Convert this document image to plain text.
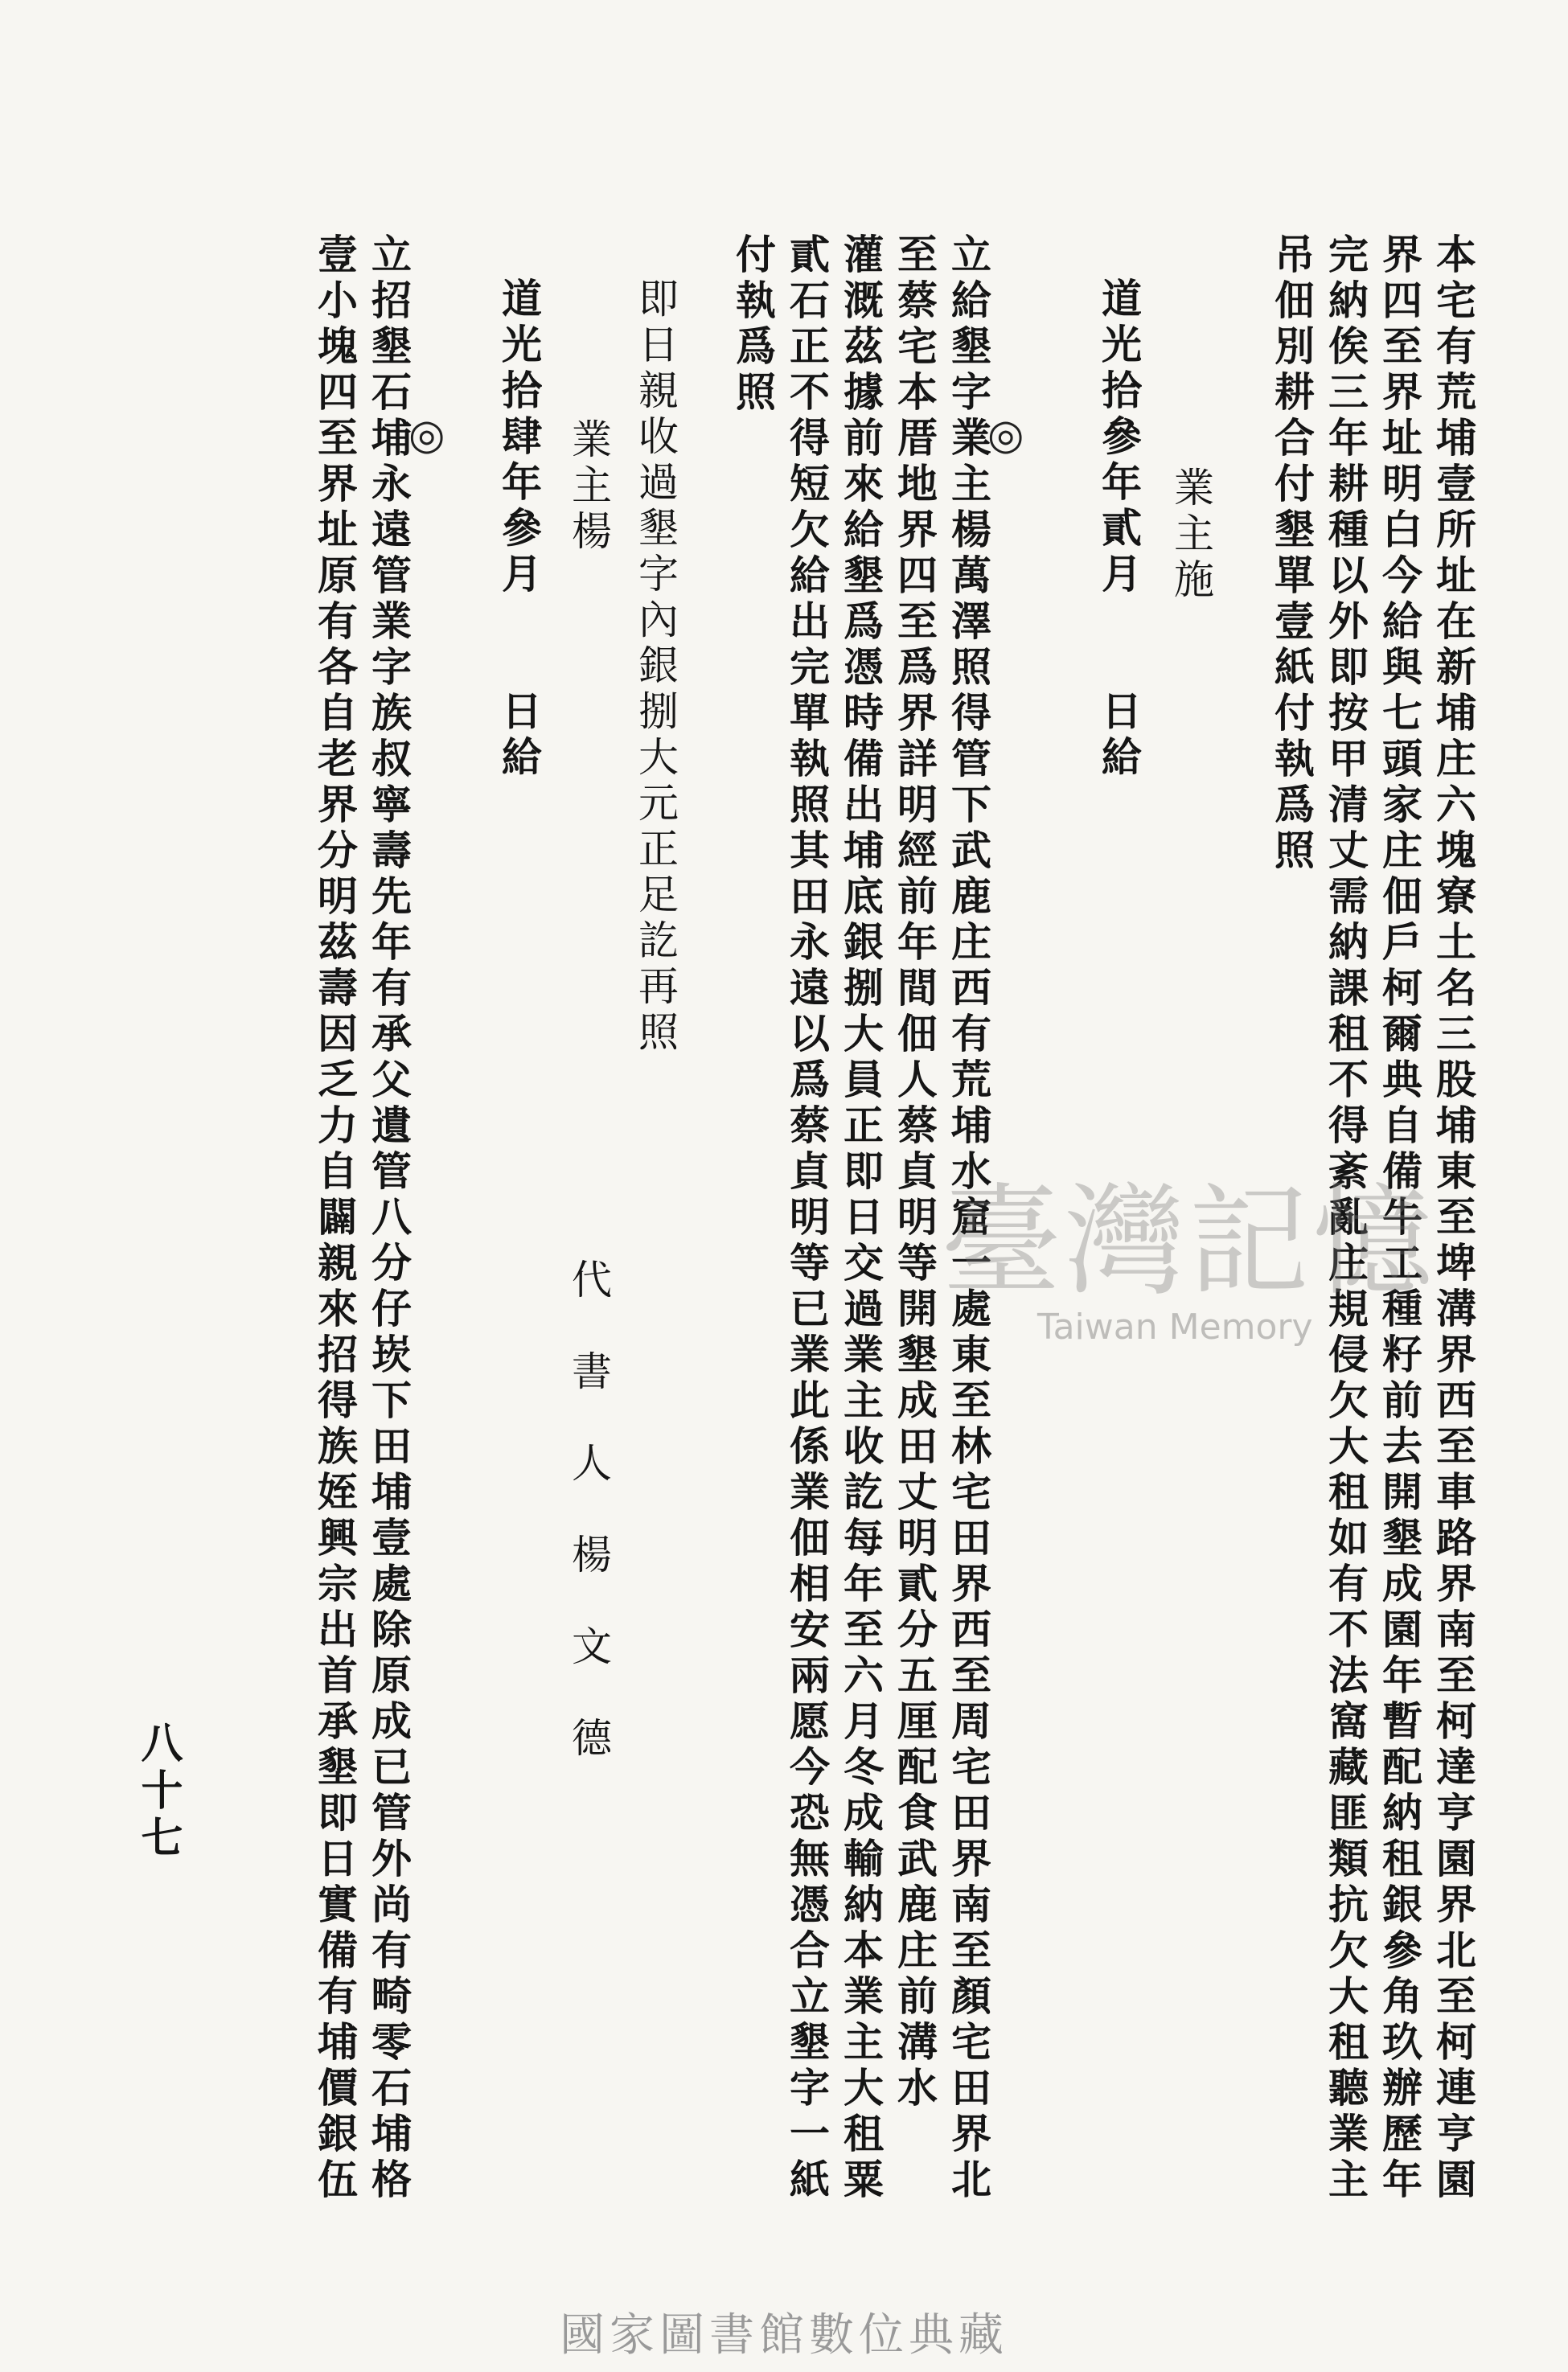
本宅有荒埔壹所址在新埔庄六塊寮土名三股埔東至埤溝界西至車路界南至柯達亨園界北至柯連亨園
界四至界址明白今給與七頭家庄佃戶柯爾典自備牛工種籽前去開墾成園年暫配納租銀參角玖辦歷年
完納俟三年耕種以外即按甲清丈需納課租不得紊亂庄規侵欠大租如有不法窩藏匪類抗欠大租聽業主
吊佃別耕合付墾單壹紙付執爲照
業主施
道光拾參年貳月　　日給
◎
立給墾字業主楊萬澤照得管下武鹿庄西有荒埔水窟一處東至林宅田界西至周宅田界南至顏宅田界北
至蔡宅本厝地界四至爲界詳明經前年間佃人蔡貞明等開墾成田丈明貳分五厘配食武鹿庄前溝水
灌溉茲據前來給墾爲憑時備出埔底銀捌大員正即日交過業主收訖每年至六月冬成輸納本業主大租粟
貳石正不得短欠給出完單執照其田永遠以爲蔡貞明等已業此係業佃相安兩愿今恐無憑合立墾字一紙
付執爲照
即日親收過墾字內銀捌大元正足訖再照
業主楊
代書人楊文德
道光拾肆年參月　　日給
◎
立招墾石埔永遠管業字族叔寧壽先年有承父遺管八分仔崁下田埔壹處除原成已管外尚有畸零石埔格
壹小塊四至界址原有各自老界分明茲壽因乏力自闢親來招得族姪興宗出首承墾即日實備有埔價銀伍
八十七
臺灣記憶
Taiwan Memory
國家圖書館數位典藏
